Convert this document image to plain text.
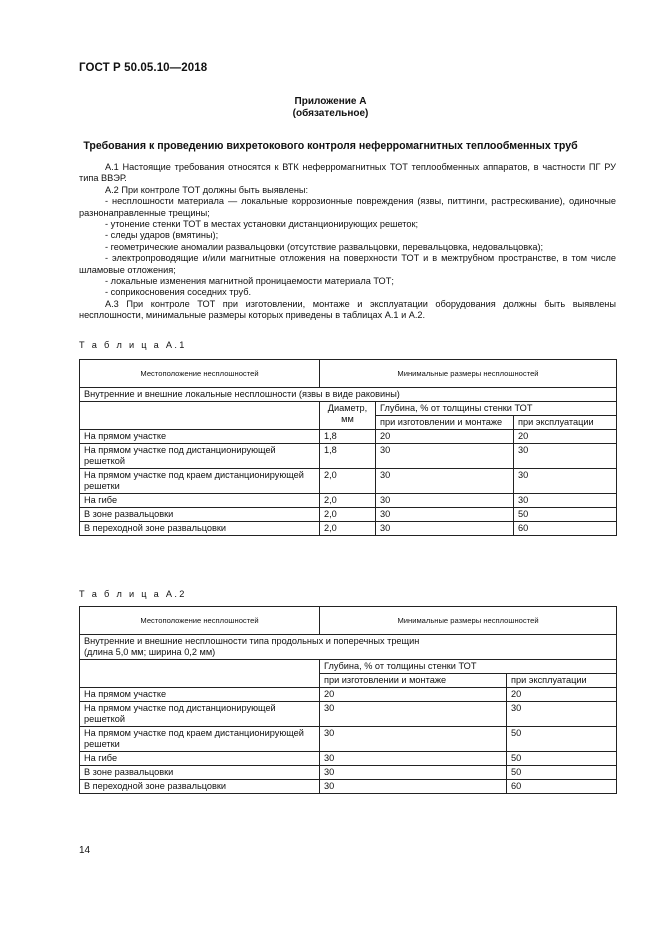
ГОСТ Р 50.05.10—2018
Приложение А
(обязательное)
Требования к проведению вихретокового контроля неферромагнитных теплообменных труб

А.1 Настоящие требования относятся к ВТК неферромагнитных ТОТ теплообменных аппаратов, в частности ПГ РУ типа ВВЭР.

А.2 При контроле ТОТ должны быть выявлены:

- несплошности материала — локальные коррозионные повреждения (язвы, питтинги, растрескивание), одиночные разнонаправленные трещины;

- утонение стенки ТОТ в местах установки дистанционирующих решеток;

- следы ударов (вмятины);

- геометрические аномалии развальцовки (отсутствие развальцовки, перевальцовка, недовальцовка);

- электропроводящие и/или магнитные отложения на поверхности ТОТ и в межтрубном пространстве, в том числе шламовые отложения;

- локальные изменения магнитной проницаемости материала ТОТ;

- соприкосновения соседних труб.

А.3 При контроле ТОТ при изготовлении, монтаже и эксплуатации оборудования должны быть выявлены несплошности, минимальные размеры которых приведены в таблицах А.1 и А.2.

Т а б л и ц а А.1
Местоположение несплошностей	Минимальные размеры несплошностей		
Внутренние и внешние локальные несплошности (язвы в виде раковины)			
	Диаметр, мм	Глубина, % от толщины стенки ТОТ	
		при изготовлении и монтаже	при эксплуатации
На прямом участке	1,8	20	20
На прямом участке под дистанционирующей решеткой	1,8	30	30
На прямом участке под краем дистанционирующей решетки	2,0	30	30
На гибе	2,0	30	30
В зоне развальцовки	2,0	30	50
В переходной зоне развальцовки	2,0	30	60
Т а б л и ц а А.2
Местоположение несплошностей	Минимальные размеры несплошностей	

Внутренние и внешние несплошности типа продольных и поперечных трещин
(длина 5,0 мм; ширина 0,2 мм)		

	Глубина, % от толщины стенки ТОТ	
	при изготовлении и монтаже	при эксплуатации
На прямом участке	20	20
На прямом участке под дистанционирующей решеткой	30	30
На прямом участке под краем дистанционирующей решетки	30	50
На гибе	30	50
В зоне развальцовки	30	50
В переходной зоне развальцовки	30	60
14
